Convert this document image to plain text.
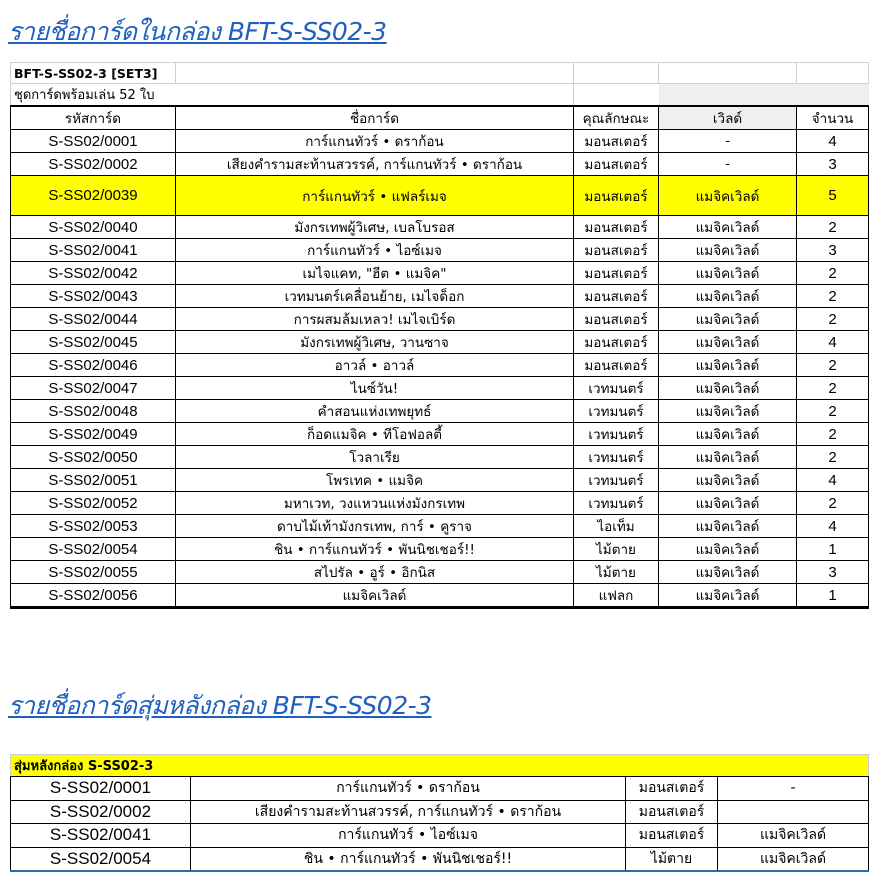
รายชื่อการ์ดในกล่อง BFT-S-SS02-3
BFT-S-SS02-3 [SET3]				
ชุดการ์ดพร้อมเล่น 52 ใบ				
รหัสการ์ด	ชื่อการ์ด	คุณลักษณะ	เวิลด์	จำนวน
S-SS02/0001	การ์แกนทัวร์ • ดราก้อน	มอนสเตอร์	-	4
S-SS02/0002	เสียงคำรามสะท้านสวรรค์, การ์แกนทัวร์ • ดราก้อน	มอนสเตอร์	-	3
S-SS02/0039	การ์แกนทัวร์ • แฟลร์เมจ	มอนสเตอร์	แมจิคเวิลด์	5
S-SS02/0040	มังกรเทพผู้วิเศษ, เบลโบรอส	มอนสเตอร์	แมจิคเวิลด์	2
S-SS02/0041	การ์แกนทัวร์ • ไอซ์เมจ	มอนสเตอร์	แมจิคเวิลด์	3
S-SS02/0042	เมไจแคท, "ฮีต • แมจิค"	มอนสเตอร์	แมจิคเวิลด์	2
S-SS02/0043	เวทมนตร์เคลื่อนย้าย, เมไจด็อก	มอนสเตอร์	แมจิคเวิลด์	2
S-SS02/0044	การผสมล้มเหลว! เมไจเบิร์ด	มอนสเตอร์	แมจิคเวิลด์	2
S-SS02/0045	มังกรเทพผู้วิเศษ, วานซาจ	มอนสเตอร์	แมจิคเวิลด์	4
S-SS02/0046	อาวล์ • อาวล์	มอนสเตอร์	แมจิคเวิลด์	2
S-SS02/0047	ไนซ์วัน!	เวทมนตร์	แมจิคเวิลด์	2
S-SS02/0048	คำสอนแห่งเทพยุทธ์	เวทมนตร์	แมจิคเวิลด์	2
S-SS02/0049	ก็อดแมจิค • ทีโอฟอลตี้	เวทมนตร์	แมจิคเวิลด์	2
S-SS02/0050	โวลาเรีย	เวทมนตร์	แมจิคเวิลด์	2
S-SS02/0051	โพรเทค • แมจิค	เวทมนตร์	แมจิคเวิลด์	4
S-SS02/0052	มหาเวท, วงแหวนแห่งมังกรเทพ	เวทมนตร์	แมจิคเวิลด์	2
S-SS02/0053	ดาบไม้เท้ามังกรเทพ, การ์ • คูราจ	ไอเท็ม	แมจิคเวิลด์	4
S-SS02/0054	ชิน • การ์แกนทัวร์ • พันนิชเชอร์!!	ไม้ตาย	แมจิคเวิลด์	1
S-SS02/0055	สไปรัล • อูร์ • อิกนิส	ไม้ตาย	แมจิคเวิลด์	3
S-SS02/0056	แมจิคเวิลด์	แฟลก	แมจิคเวิลด์	1
รายชื่อการ์ดสุ่มหลังกล่อง BFT-S-SS02-3
สุ่มหลังกล่อง S-SS02-3			
S-SS02/0001	การ์แกนทัวร์ • ดราก้อน	มอนสเตอร์	-
S-SS02/0002	เสียงคำรามสะท้านสวรรค์, การ์แกนทัวร์ • ดราก้อน	มอนสเตอร์	
S-SS02/0041	การ์แกนทัวร์ • ไอซ์เมจ	มอนสเตอร์	แมจิคเวิลด์
S-SS02/0054	ชิน • การ์แกนทัวร์ • พันนิชเชอร์!!	ไม้ตาย	แมจิคเวิลด์
